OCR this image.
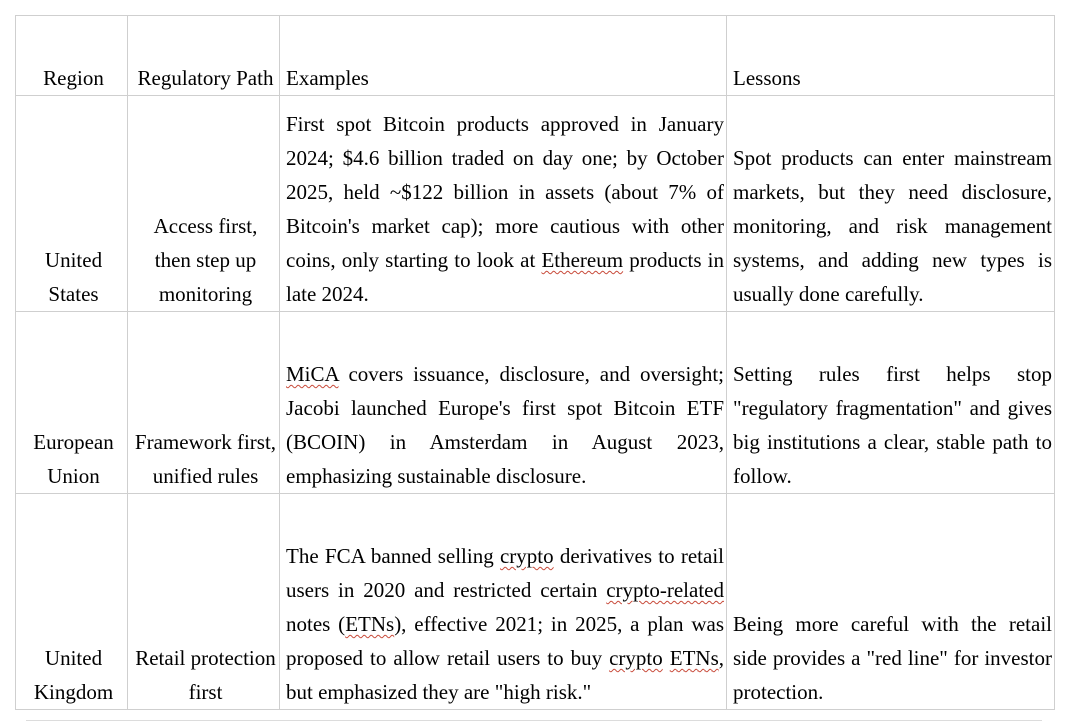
Region	Regulatory Path	Examples	Lessons
United States	Access first, then step up monitoring	First spot Bitcoin products approved in January 2024; $4.6 billion traded on day one; by October 2025, held ~$122 billion in assets (about 7% of Bitcoin's market cap); more cautious with other coins, only starting to look at Ethereum products in late 2024.	Spot products can enter mainstream markets, but they need disclosure, monitoring, and risk management systems, and adding new types is usually done carefully.
European Union	Framework first, unified rules	MiCA covers issuance, disclosure, and oversight; Jacobi launched Europe's first spot Bitcoin ETF (BCOIN) in Amsterdam in August 2023, emphasizing sustainable disclosure.	Setting rules first helps stop "regulatory fragmentation" and gives big institutions a clear, stable path to follow.
United Kingdom	Retail protection first	The FCA banned selling crypto derivatives to retail users in 2020 and restricted certain crypto-related notes (ETNs), effective 2021; in 2025, a plan was proposed to allow retail users to buy crypto ETNs, but emphasized they are "high risk."	Being more careful with the retail side provides a "red line" for investor protection.
